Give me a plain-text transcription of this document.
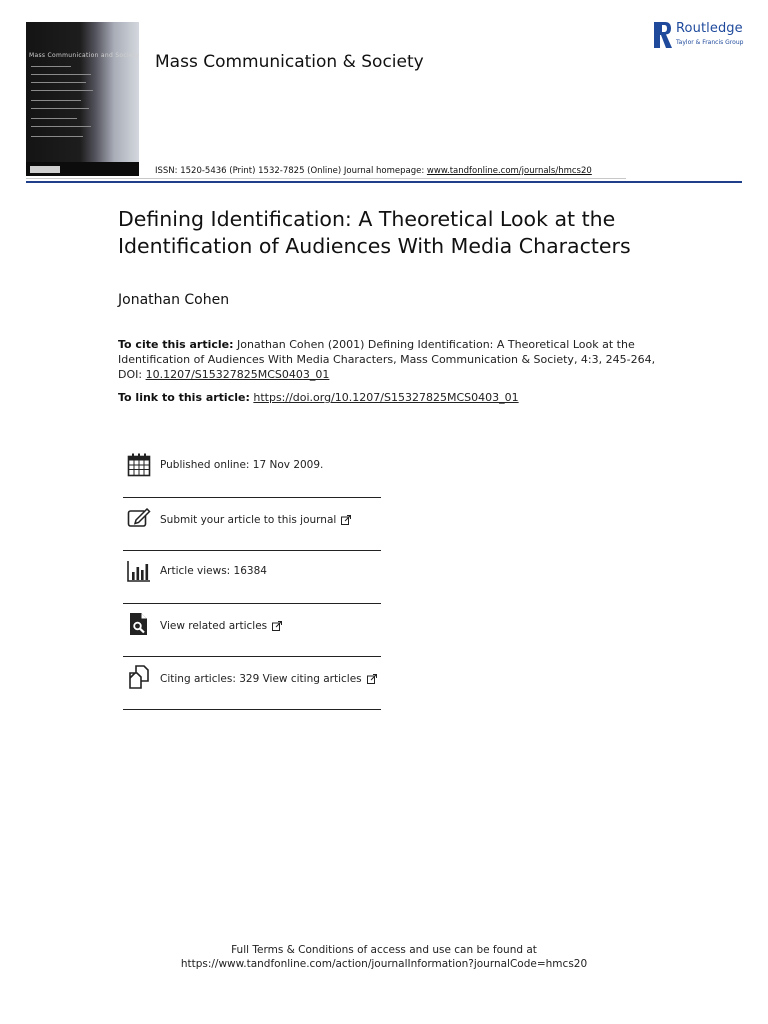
Mass Communication and Society Mass Communication & Society
Routledge
Taylor & Francis Group
ISSN: 1520-5436 (Print) 1532-7825 (Online) Journal homepage: www.tandfonline.com/journals/hmcs20
Defining Identification: A Theoretical Look at the Identification of Audiences With Media Characters
Jonathan Cohen
To cite this article: Jonathan Cohen (2001) Defining Identification: A Theoretical Look at the Identification of Audiences With Media Characters, Mass Communication & Society, 4:3, 245-264, DOI: 10.1207/S15327825MCS0403_01
To link to this article: https://doi.org/10.1207/S15327825MCS0403_01
Published online: 17 Nov 2009.
Submit your article to this journal
Article views: 16384
View related articles
Citing articles: 329 View citing articles
Full Terms & Conditions of access and use can be found at
https://www.tandfonline.com/action/journalInformation?journalCode=hmcs20
